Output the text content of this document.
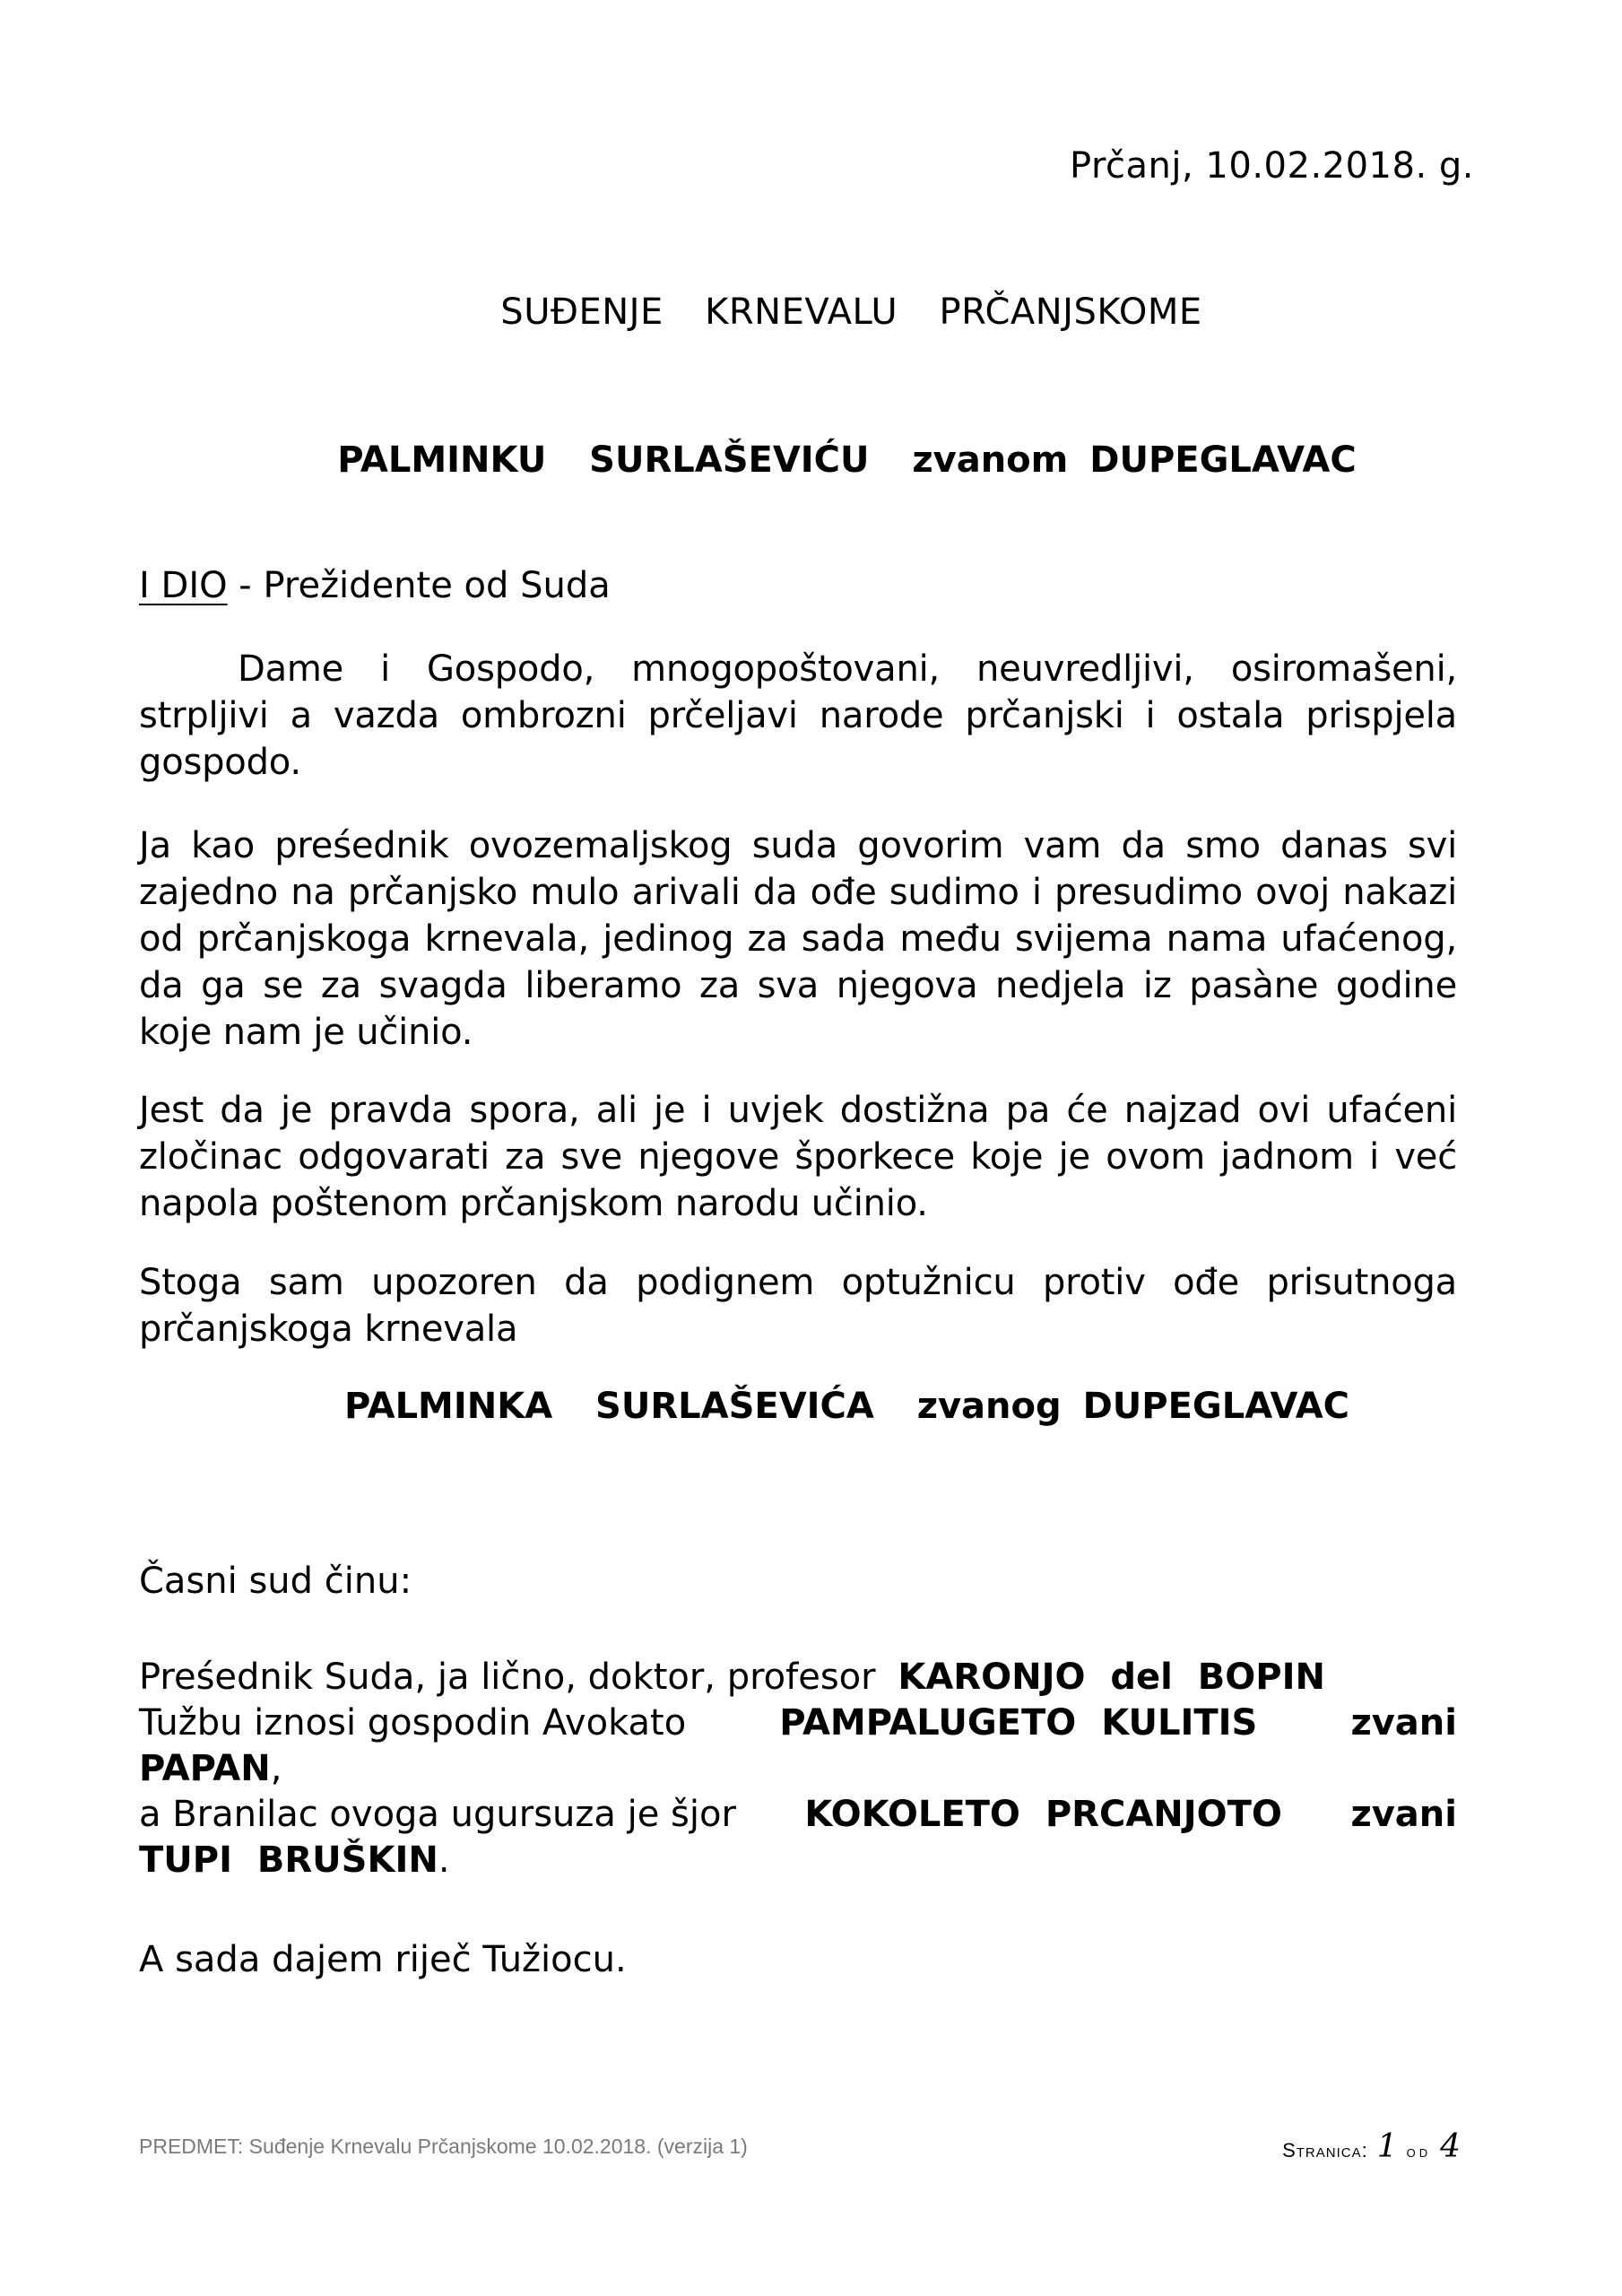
Prčanj, 10.02.2018. g.
SUĐENJE  KRNEVALU  PRČANJSKOME
PALMINKU  SURLAŠEVIĆU  zvanom DUPEGLAVAC
I DIO - Prežidente od Suda

Dame i Gospodo, mnogopoštovani, neuvredljivi, osiromašeni, strpljivi a vazda ombrozni prčeljavi narode prčanjski i ostala prispjela gospodo.

Ja kao preśednik ovozemaljskog suda govorim vam da smo danas svi zajedno na prčanjsko mulo arivali da ođe sudimo i presudimo ovoj nakazi od prčanjskoga krnevala, jedinog za sada među svijema nama ufaćenog, da ga se za svagda liberamo za sva njegova nedjela iz pasàne godine koje nam je učinio.

Jest da je pravda spora, ali je i uvjek dostižna pa će najzad ovi ufaćeni zločinac odgovarati za sve njegove šporkece koje je ovom jadnom i već napola poštenom prčanjskom narodu učinio.

Stoga sam upozoren da podignem optužnicu protiv ođe prisutnoga prčanjskoga krnevala

PALMINKA  SURLAŠEVIĆA  zvanog DUPEGLAVAC
Časni sud činu:
Preśednik Suda, ja lično, doktor, profesor KARONJO del BOPIN
Tužbu iznosi gospodin Avokato	PAMPALUGETO KULITIS	zvani
PAPAN ,
a Branilac ovoga ugursuza je šjor KOKOLETO PRCANJOTO zvani
TUPI BRUŠKIN .
A sada dajem riječ Tužiocu.
PREDMET: Suđenje Krnevalu Prčanjskome 10.02.2018. (verzija 1)	Stranica: 1 od 4
